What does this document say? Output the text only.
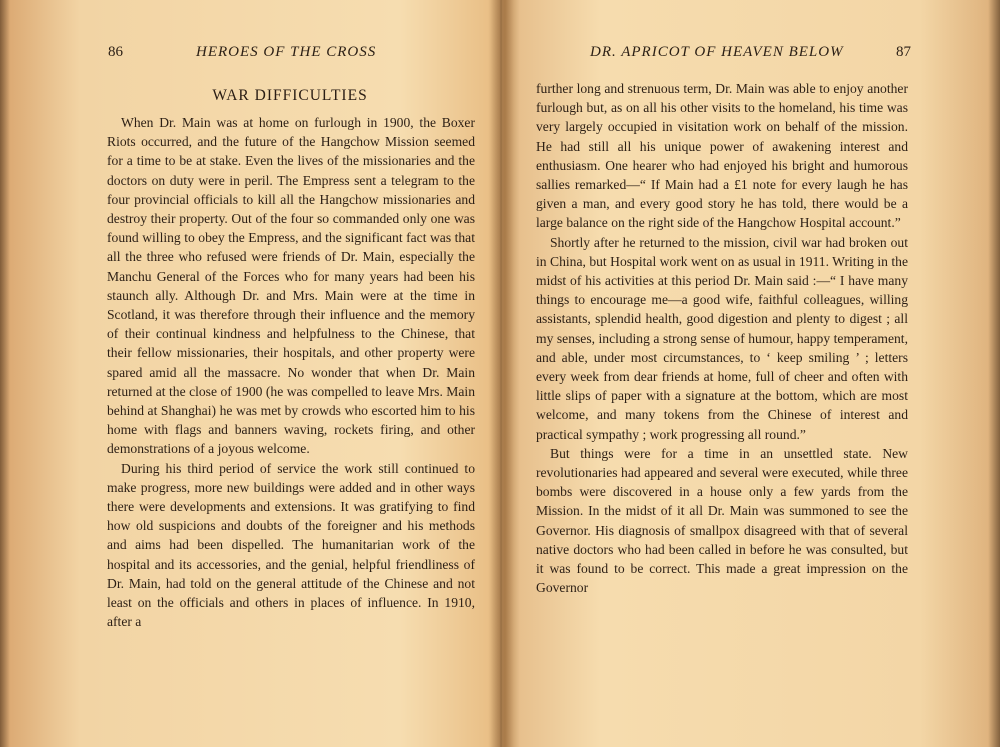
86	HEROES OF THE CROSS
WAR DIFFICULTIES

When Dr. Main was at home on furlough in 1900, the Boxer Riots occurred, and the future of the Hangchow Mission seemed for a time to be at stake. Even the lives of the missionaries and the doctors on duty were in peril. The Empress sent a telegram to the four provincial officials to kill all the Hangchow missionaries and destroy their property. Out of the four so commanded only one was found willing to obey the Empress, and the significant fact was that all the three who refused were friends of Dr. Main, especially the Manchu General of the Forces who for many years had been his staunch ally. Although Dr. and Mrs. Main were at the time in Scotland, it was therefore through their influence and the memory of their continual kindness and helpfulness to the Chinese, that their fellow missionaries, their hospitals, and other property were spared amid all the massacre. No wonder that when Dr. Main returned at the close of 1900 (he was compelled to leave Mrs. Main behind at Shanghai) he was met by crowds who escorted him to his home with flags and banners waving, rockets firing, and other demonstrations of a joyous welcome.

During his third period of service the work still continued to make progress, more new buildings were added and in other ways there were developments and extensions. It was gratifying to find how old suspicions and doubts of the foreigner and his methods and aims had been dispelled. The humanitarian work of the hospital and its accessories, and the genial, helpful friendliness of Dr. Main, had told on the general attitude of the Chinese and not least on the officials and others in places of influence. In 1910, after a

DR. APRICOT OF HEAVEN BELOW	87

further long and strenuous term, Dr. Main was able to enjoy another furlough but, as on all his other visits to the homeland, his time was very largely occupied in visitation work on behalf of the mission. He had still all his unique power of awakening interest and enthusiasm. One hearer who had enjoyed his bright and humorous sallies remarked—“ If Main had a £1 note for every laugh he has given a man, and every good story he has told, there would be a large balance on the right side of the Hangchow Hospital account.”

Shortly after he returned to the mission, civil war had broken out in China, but Hospital work went on as usual in 1911. Writing in the midst of his activities at this period Dr. Main said :—“ I have many things to encourage me—a good wife, faithful colleagues, willing assistants, splendid health, good digestion and plenty to digest ; all my senses, including a strong sense of humour, happy temperament, and able, under most circumstances, to ‘ keep smiling ’ ; letters every week from dear friends at home, full of cheer and often with little slips of paper with a signature at the bottom, which are most welcome, and many tokens from the Chinese of interest and practical sympathy ; work progressing all round.”

But things were for a time in an unsettled state. New revolutionaries had appeared and several were executed, while three bombs were discovered in a house only a few yards from the Mission. In the midst of it all Dr. Main was summoned to see the Governor. His diagnosis of smallpox disagreed with that of several native doctors who had been called in before he was consulted, but it was found to be correct. This made a great impression on the Governor
